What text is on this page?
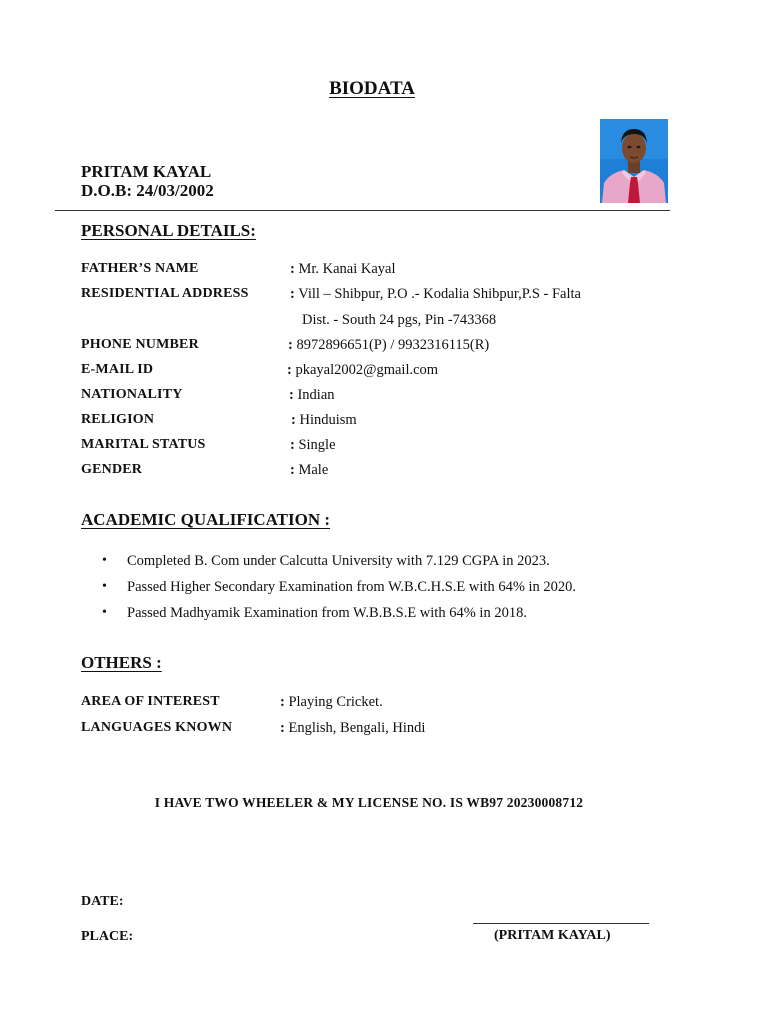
BIODATA
PRITAM KAYAL
D.O.B: 24/03/2002
PERSONAL DETAILS:
FATHER’S NAME	: Mr. Kanai Kayal
RESIDENTIAL ADDRESS	: Vill – Shibpur, P.O .- Kodalia Shibpur,P.S - Falta
Dist. - South 24 pgs, Pin -743368
PHONE NUMBER	: 8972896651(P) / 9932316115(R)
E-MAIL ID	: pkayal2002@gmail.com
NATIONALITY	: Indian
RELIGION	: Hinduism
MARITAL STATUS	: Single
GENDER	: Male
ACADEMIC QUALIFICATION :
• Completed B. Com under Calcutta University with 7.129 CGPA in 2023.
• Passed Higher Secondary Examination from W.B.C.H.S.E with 64% in 2020.
• Passed Madhyamik Examination from W.B.B.S.E with 64% in 2018.
OTHERS :
AREA OF INTEREST	: Playing Cricket.
LANGUAGES KNOWN	: English, Bengali, Hindi
I HAVE TWO WHEELER & MY LICENSE NO. IS WB97 20230008712
DATE:
PLACE:	(PRITAM KAYAL)
